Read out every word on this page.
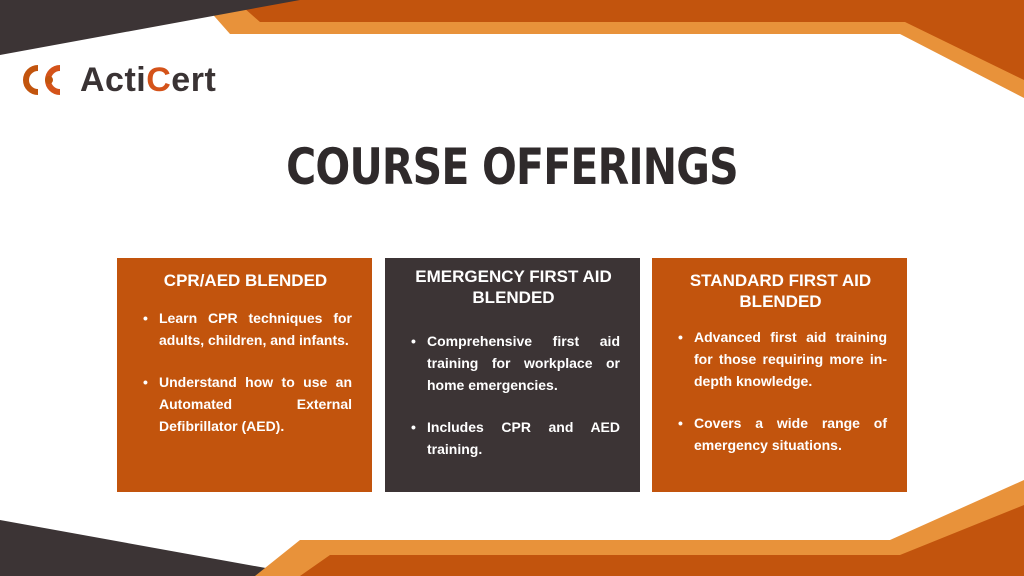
ActiCert
COURSE OFFERINGS
CPR/AED BLENDED
• Learn CPR techniques for adults, children, and infants.
• Understand how to use an Automated External Defibrillator (AED).
EMERGENCY FIRST AID BLENDED
• Comprehensive first aid training for workplace or home emergencies.
• Includes CPR and AED training.
STANDARD FIRST AID BLENDED
• Advanced first aid training for those requiring more in-depth knowledge.
• Covers a wide range of emergency situations.
